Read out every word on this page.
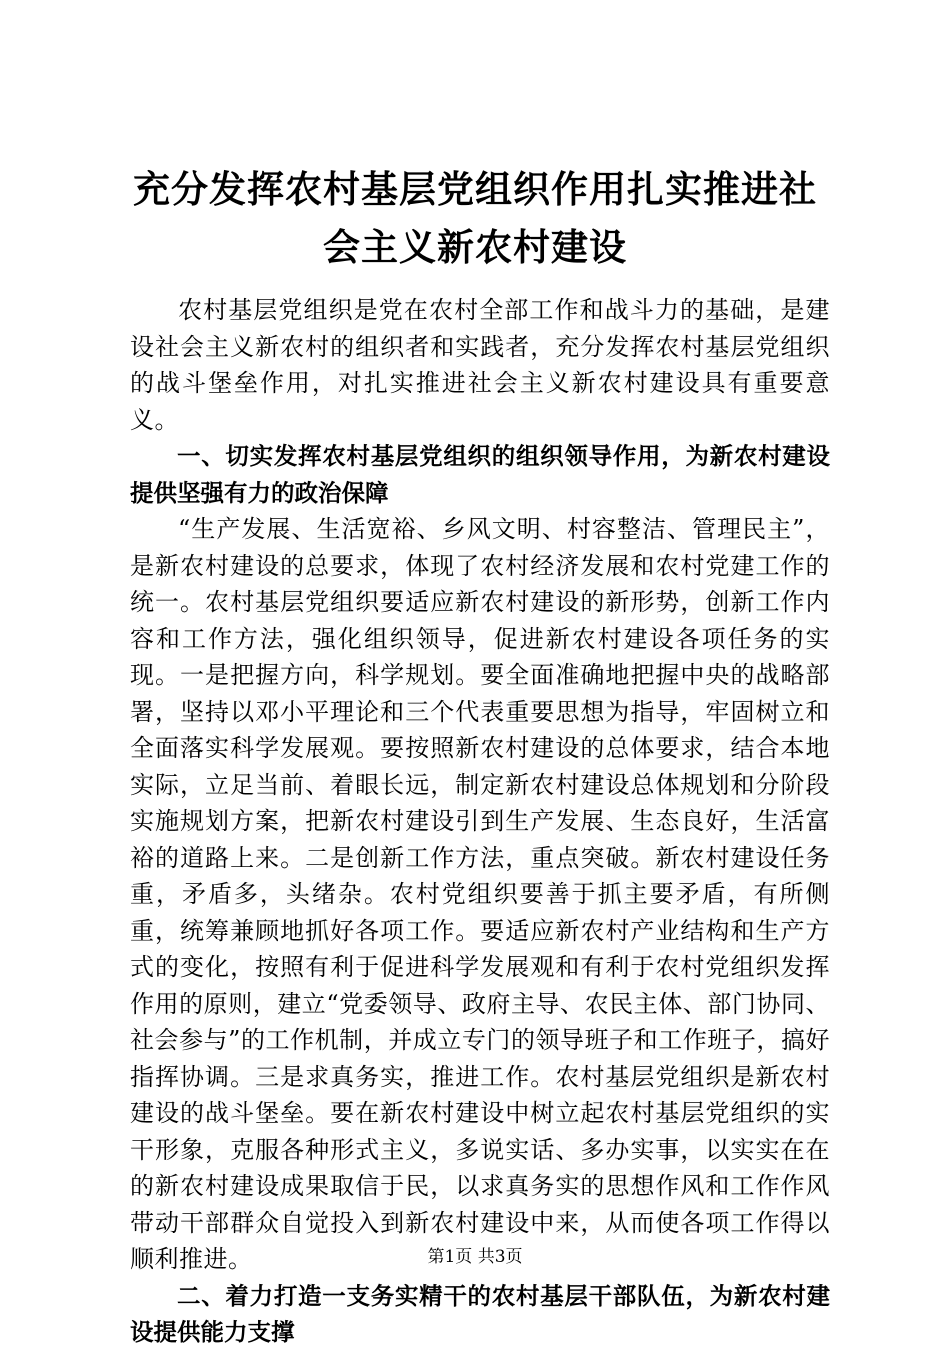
充分发挥农村基层党组织作用扎实推进社会主义新农村建设

农村基层党组织是党在农村全部工作和战斗力的基础，是建设社会主义新农村的组织者和实践者，充分发挥农村基层党组织的战斗堡垒作用，对扎实推进社会主义新农村建设具有重要意义。

一、切实发挥农村基层党组织的组织领导作用，为新农村建设提供坚强有力的政治保障

“生产发展、生活宽裕、乡风文明、村容整洁、管理民主”，是新农村建设的总要求，体现了农村经济发展和农村党建工作的统一。农村基层党组织要适应新农村建设的新形势，创新工作内容和工作方法，强化组织领导，促进新农村建设各项任务的实现。一是把握方向，科学规划。要全面准确地把握中央的战略部署，坚持以邓小平理论和三个代表重要思想为指导，牢固树立和全面落实科学发展观。要按照新农村建设的总体要求，结合本地实际，立足当前、着眼长远，制定新农村建设总体规划和分阶段实施规划方案，把新农村建设引到生产发展、生态良好，生活富裕的道路上来。二是创新工作方法，重点突破。新农村建设任务重，矛盾多，头绪杂。农村党组织要善于抓主要矛盾，有所侧重，统筹兼顾地抓好各项工作。要适应新农村产业结构和生产方式的变化，按照有利于促进科学发展观和有利于农村党组织发挥作用的原则，建立“党委领导、政府主导、农民主体、部门协同、社会参与”的工作机制，并成立专门的领导班子和工作班子，搞好指挥协调。三是求真务实，推进工作。农村基层党组织是新农村建设的战斗堡垒。要在新农村建设中树立起农村基层党组织的实干形象，克服各种形式主义，多说实话、多办实事，以实实在在的新农村建设成果取信于民，以求真务实的思想作风和工作作风带动干部群众自觉投入到新农村建设中来，从而使各项工作得以顺利推进。

二、着力打造一支务实精干的农村基层干部队伍，为新农村建设提供能力支撑

第1页 共3页
